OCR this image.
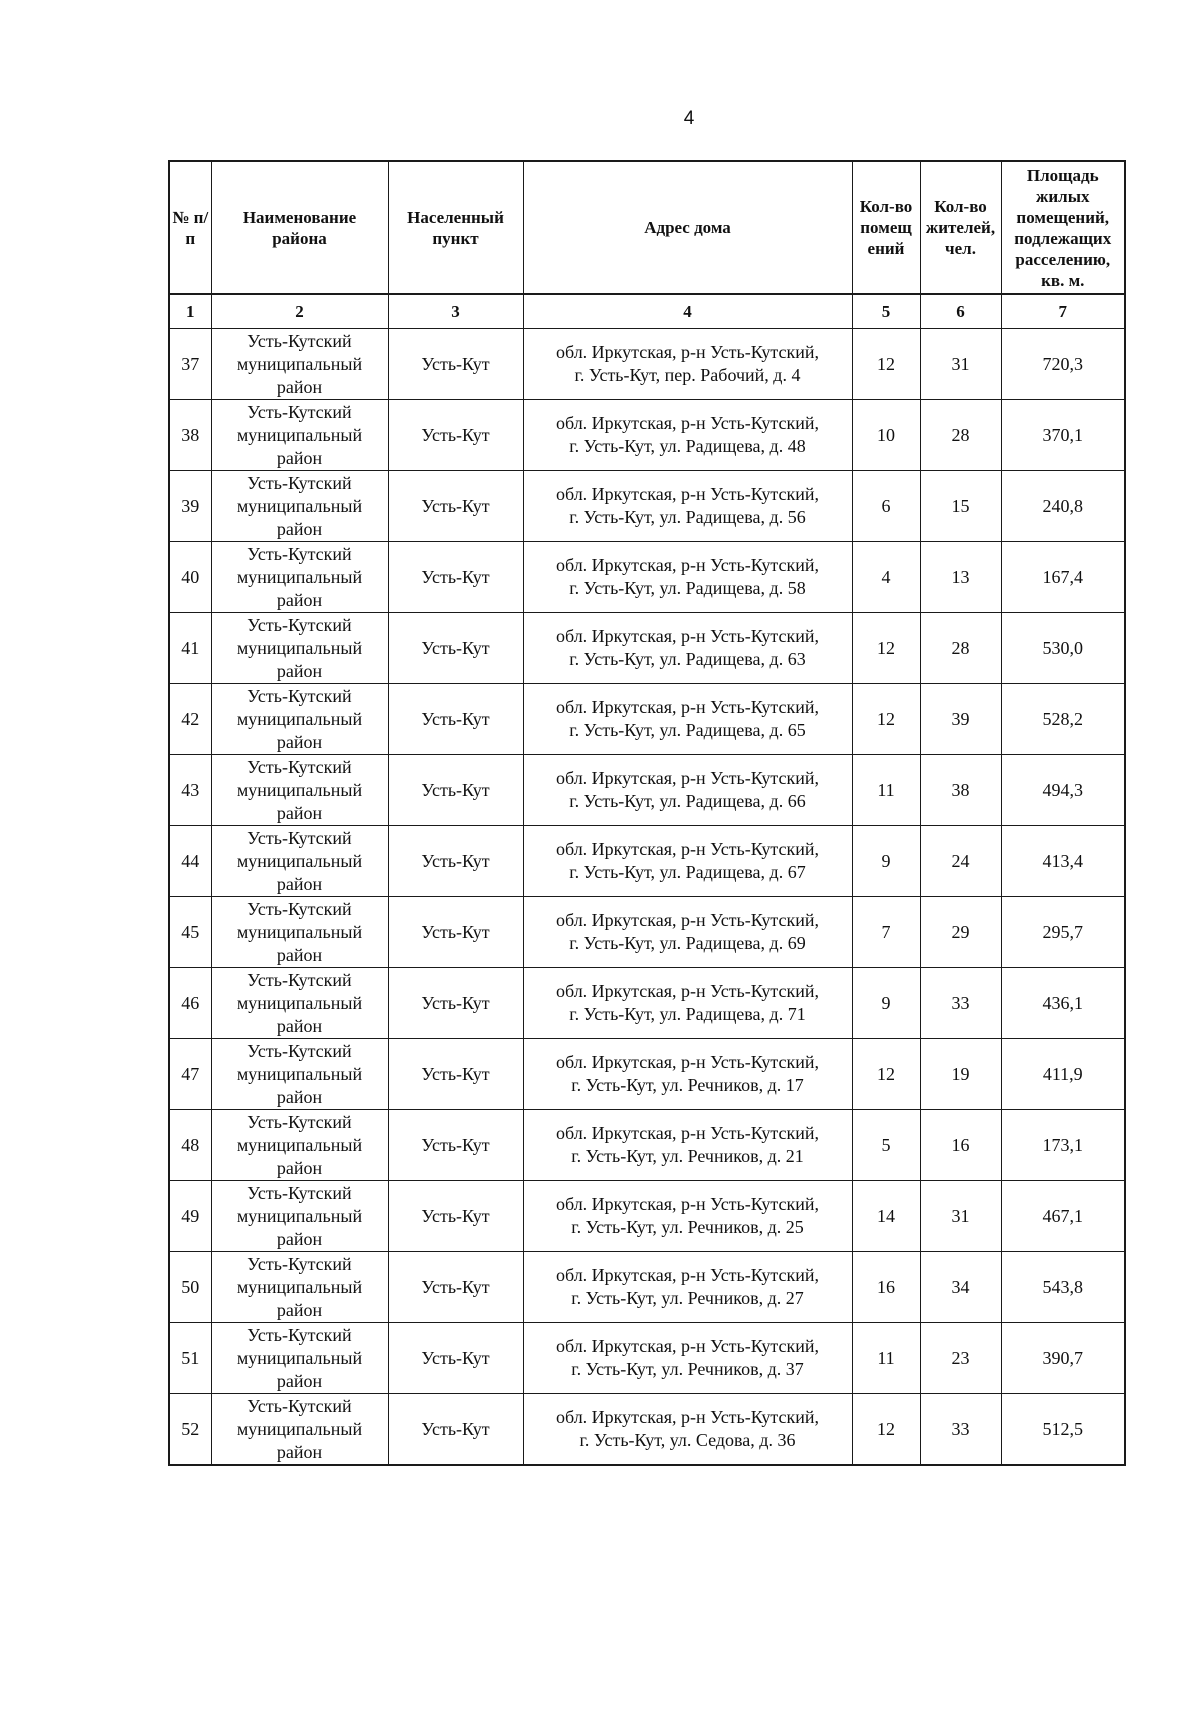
4
№ п/п	Наименование района	Населенный пункт	Адрес дома	Кол-во помещ ений	Кол-во жителей, чел.	Площадь жилых помещений, подлежащих расселению, кв. м.
1	2	3	4	5	6	7
37	Усть-Кутский
муниципальный
район	Усть-Кут	обл. Иркутская, р-н Усть-Кутский,
г. Усть-Кут, пер. Рабочий, д. 4	12	31	720,3
38	Усть-Кутский
муниципальный
район	Усть-Кут	обл. Иркутская, р-н Усть-Кутский,
г. Усть-Кут, ул. Радищева, д. 48	10	28	370,1
39	Усть-Кутский
муниципальный
район	Усть-Кут	обл. Иркутская, р-н Усть-Кутский,
г. Усть-Кут, ул. Радищева, д. 56	6	15	240,8
40	Усть-Кутский
муниципальный
район	Усть-Кут	обл. Иркутская, р-н Усть-Кутский,
г. Усть-Кут, ул. Радищева, д. 58	4	13	167,4
41	Усть-Кутский
муниципальный
район	Усть-Кут	обл. Иркутская, р-н Усть-Кутский,
г. Усть-Кут, ул. Радищева, д. 63	12	28	530,0
42	Усть-Кутский
муниципальный
район	Усть-Кут	обл. Иркутская, р-н Усть-Кутский,
г. Усть-Кут, ул. Радищева, д. 65	12	39	528,2
43	Усть-Кутский
муниципальный
район	Усть-Кут	обл. Иркутская, р-н Усть-Кутский,
г. Усть-Кут, ул. Радищева, д. 66	11	38	494,3
44	Усть-Кутский
муниципальный
район	Усть-Кут	обл. Иркутская, р-н Усть-Кутский,
г. Усть-Кут, ул. Радищева, д. 67	9	24	413,4
45	Усть-Кутский
муниципальный
район	Усть-Кут	обл. Иркутская, р-н Усть-Кутский,
г. Усть-Кут, ул. Радищева, д. 69	7	29	295,7
46	Усть-Кутский
муниципальный
район	Усть-Кут	обл. Иркутская, р-н Усть-Кутский,
г. Усть-Кут, ул. Радищева, д. 71	9	33	436,1
47	Усть-Кутский
муниципальный
район	Усть-Кут	обл. Иркутская, р-н Усть-Кутский,
г. Усть-Кут, ул. Речников, д. 17	12	19	411,9
48	Усть-Кутский
муниципальный
район	Усть-Кут	обл. Иркутская, р-н Усть-Кутский,
г. Усть-Кут, ул. Речников, д. 21	5	16	173,1
49	Усть-Кутский
муниципальный
район	Усть-Кут	обл. Иркутская, р-н Усть-Кутский,
г. Усть-Кут, ул. Речников, д. 25	14	31	467,1
50	Усть-Кутский
муниципальный
район	Усть-Кут	обл. Иркутская, р-н Усть-Кутский,
г. Усть-Кут, ул. Речников, д. 27	16	34	543,8
51	Усть-Кутский
муниципальный
район	Усть-Кут	обл. Иркутская, р-н Усть-Кутский,
г. Усть-Кут, ул. Речников, д. 37	11	23	390,7
52	Усть-Кутский
муниципальный
район	Усть-Кут	обл. Иркутская, р-н Усть-Кутский,
г. Усть-Кут, ул. Седова, д. 36	12	33	512,5
